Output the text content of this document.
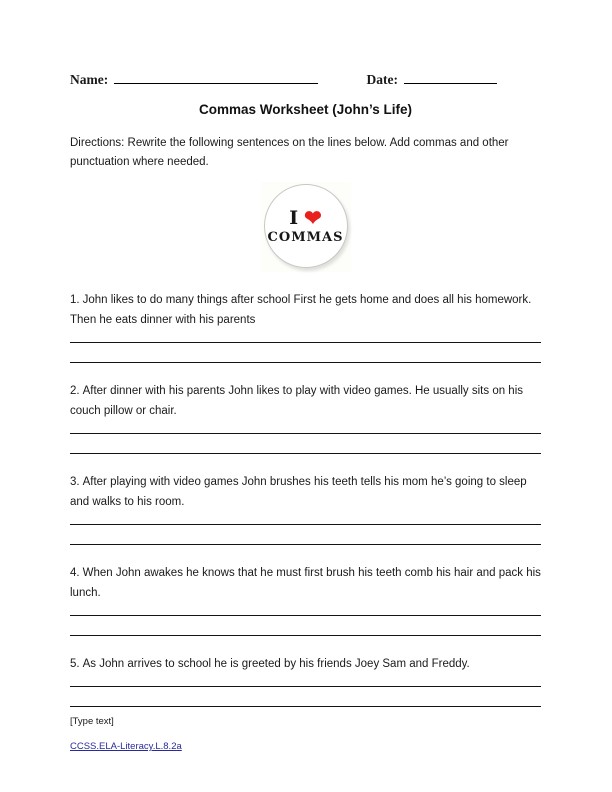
Name:	Date:
Commas Worksheet (John’s Life)

Directions: Rewrite the following sentences on the lines below. Add commas and other punctuation where needed.

I ❤
COMMAS

1. John likes to do many things after school First he gets home and does all his homework. Then he eats dinner with his parents

2. After dinner with his parents John likes to play with video games. He usually sits on his couch pillow or chair.

3. After playing with video games John brushes his teeth tells his mom he’s going to sleep and walks to his room.

4. When John awakes he knows that he must first brush his teeth comb his hair and pack his lunch.

5. As John arrives to school he is greeted by his friends Joey Sam and Freddy.

[Type text]
CCSS.ELA-Literacy.L.8.2a
